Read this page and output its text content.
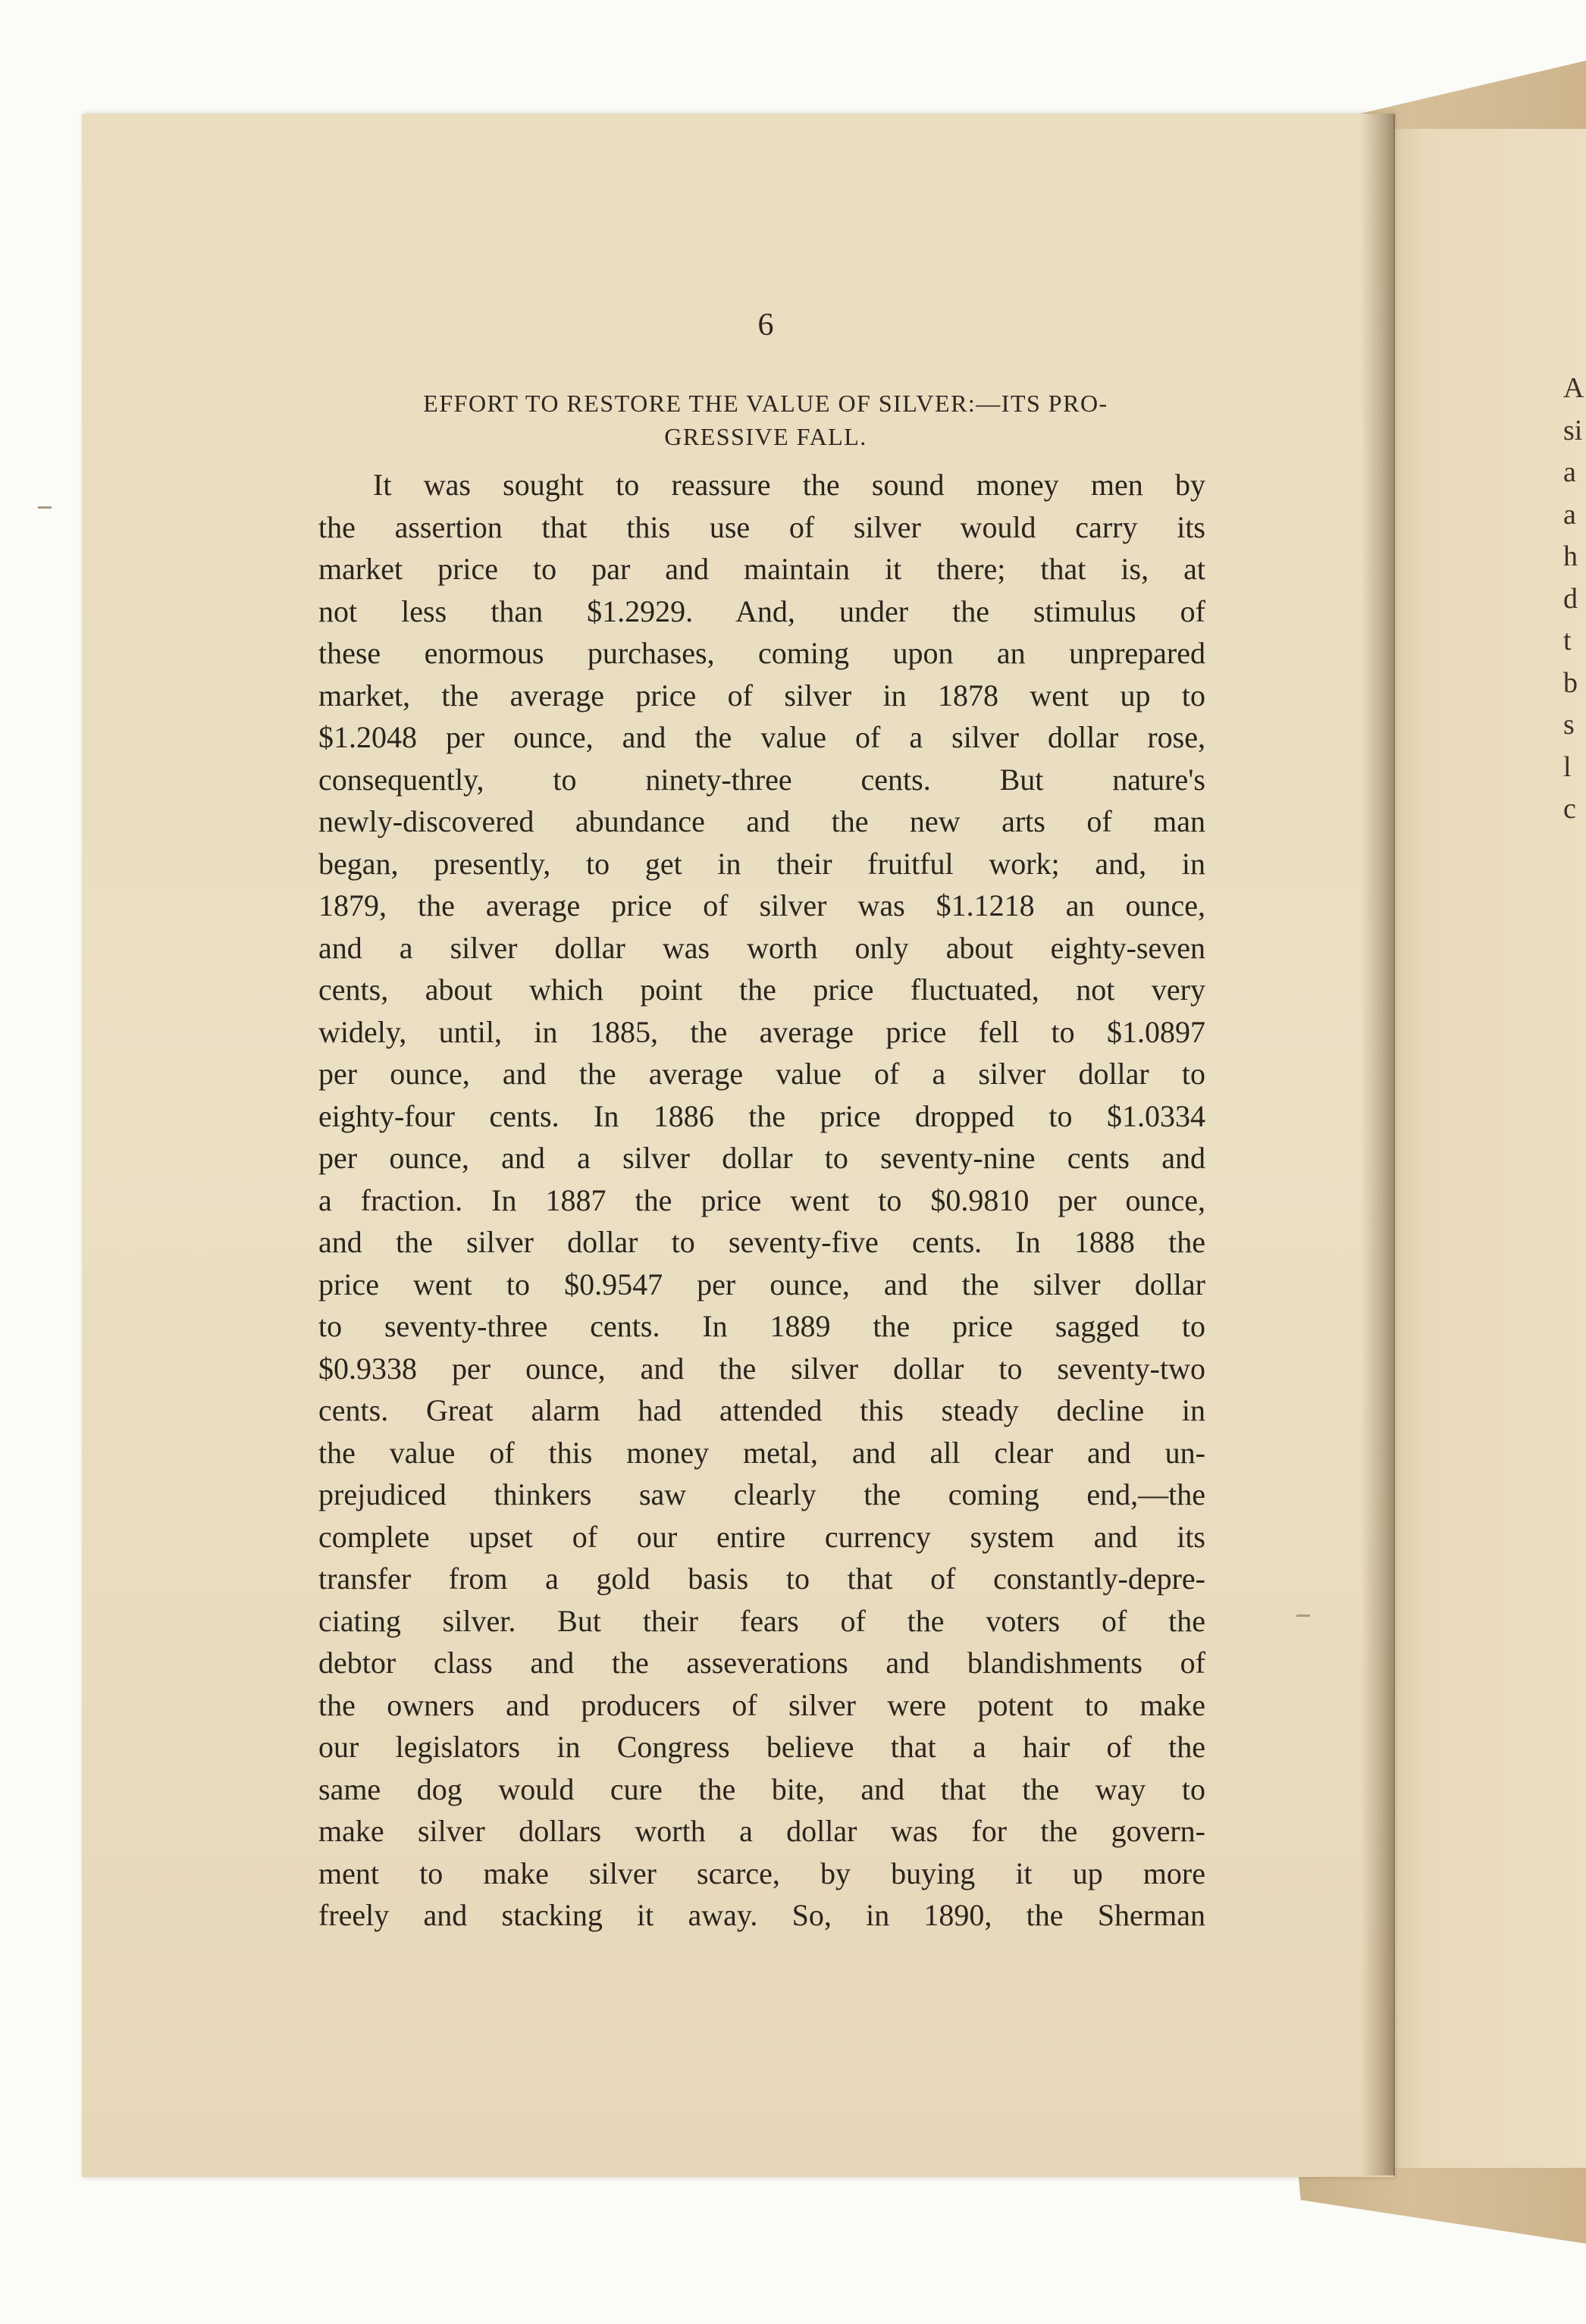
6
EFFORT TO RESTORE THE VALUE OF SILVER:—ITS PRO-
GRESSIVE FALL.
It was sought to reassure the sound money men by
the assertion that this use of silver would carry its
market price to par and maintain it there; that is, at
not less than $1.2929. And, under the stimulus of
these enormous purchases, coming upon an unprepared
market, the average price of silver in 1878 went up to
$1.2048 per ounce, and the value of a silver dollar rose,
consequently, to ninety-three cents. But nature's
newly-discovered abundance and the new arts of man
began, presently, to get in their fruitful work; and, in
1879, the average price of silver was $1.1218 an ounce,
and a silver dollar was worth only about eighty-seven
cents, about which point the price fluctuated, not very
widely, until, in 1885, the average price fell to $1.0897
per ounce, and the average value of a silver dollar to
eighty-four cents. In 1886 the price dropped to $1.0334
per ounce, and a silver dollar to seventy-nine cents and
a fraction. In 1887 the price went to $0.9810 per ounce,
and the silver dollar to seventy-five cents. In 1888 the
price went to $0.9547 per ounce, and the silver dollar
to seventy-three cents. In 1889 the price sagged to
$0.9338 per ounce, and the silver dollar to seventy-two
cents. Great alarm had attended this steady decline in
the value of this money metal, and all clear and un-
prejudiced thinkers saw clearly the coming end,—the
complete upset of our entire currency system and its
transfer from a gold basis to that of constantly-depre-
ciating silver. But their fears of the voters of the
debtor class and the asseverations and blandishments of
the owners and producers of silver were potent to make
our legislators in Congress believe that a hair of the
same dog would cure the bite, and that the way to
make silver dollars worth a dollar was for the govern-
ment to make silver scarce, by buying it up more
freely and stacking it away. So, in 1890, the Sherman
A
si
a
a
h
d
t
b
s
l
c
